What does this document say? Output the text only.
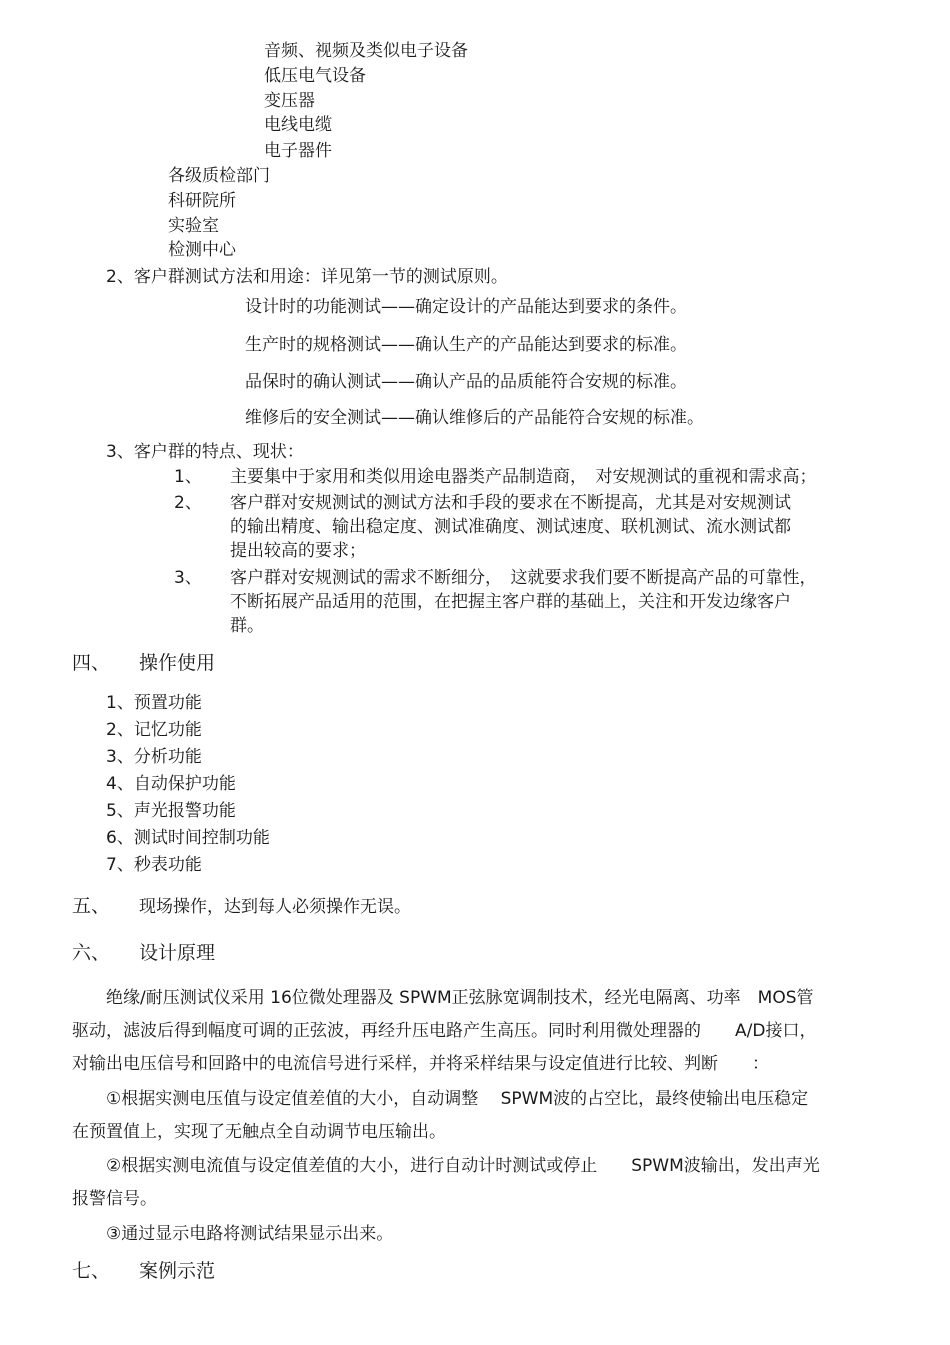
音频、视频及类似电子设备
低压电气设备
变压器
电线电缆
电子器件
各级质检部门
科研院所
实验室
检测中心
2、客户群测试方法和用途：详见第一节的测试原则。
设计时的功能测试——确定设计的产品能达到要求的条件。
生产时的规格测试——确认生产的产品能达到要求的标准。
品保时的确认测试——确认产品的品质能符合安规的标准。
维修后的安全测试——确认维修后的产品能符合安规的标准。
3、客户群的特点、现状：
1、 主要集中于家用和类似用途电器类产品制造商，　对安规测试的重视和需求高；
2、 客户群对安规测试的测试方法和手段的要求在不断提高，尤其是对安规测试
的输出精度、输出稳定度、测试准确度、测试速度、联机测试、流水测试都
提出较高的要求；
3、 客户群对安规测试的需求不断细分，　这就要求我们要不断提高产品的可靠性，
不断拓展产品适用的范围，在把握主客户群的基础上，关注和开发边缘客户
群。
四、 操作使用
1、预置功能
2、记忆功能
3、分析功能
4、自动保护功能
5、声光报警功能
6、测试时间控制功能
7、秒表功能
五、 现场操作，达到每人必须操作无误。
六、 设计原理
绝缘/耐压测试仪采用 16位微处理器及 SPWM正弦脉宽调制技术，经光电隔离、功率　MOS管
驱动，滤波后得到幅度可调的正弦波，再经升压电路产生高压。同时利用微处理器的　　A/D接口，
对输出电压信号和回路中的电流信号进行采样，并将采样结果与设定值进行比较、判断　　：
①根据实测电压值与设定值差值的大小，自动调整　 SPWM波的占空比，最终使输出电压稳定
在预置值上，实现了无触点全自动调节电压输出。
②根据实测电流值与设定值差值的大小，进行自动计时测试或停止　　SPWM波输出，发出声光
报警信号。
③通过显示电路将测试结果显示出来。
七、 案例示范
